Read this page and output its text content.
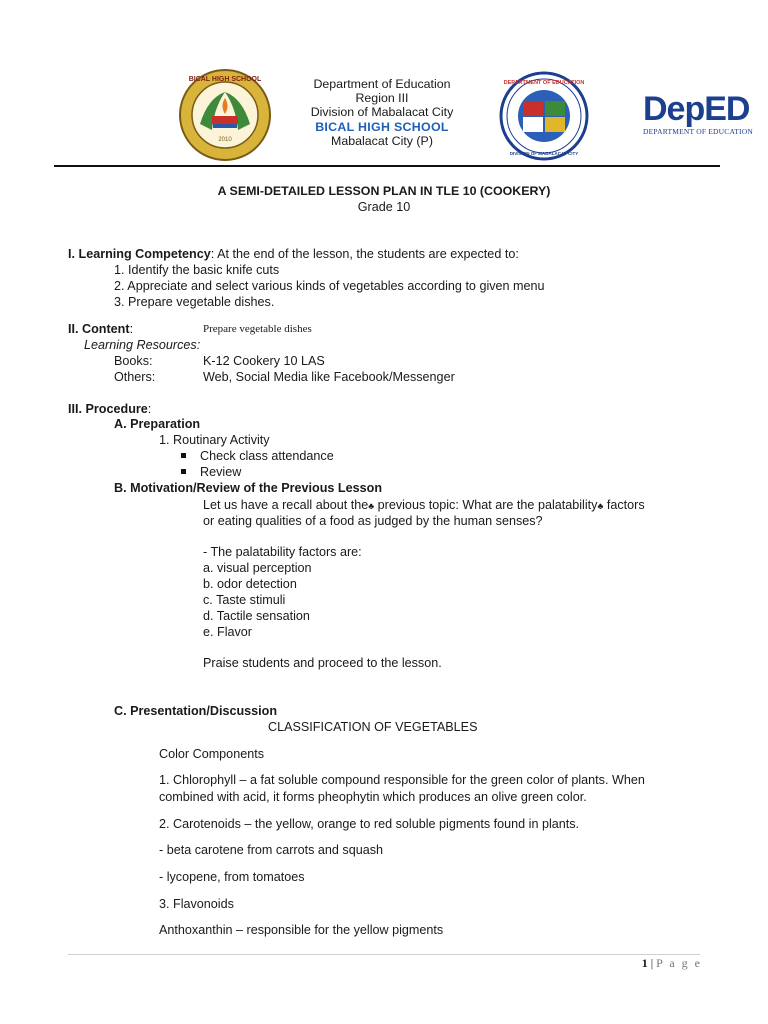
2010
BICAL HIGH SCHOOL	Department of Education
Region III
Division of Mabalacat City
BICAL HIGH SCHOOL
Mabalacat City (P)
DEPARTMENT OF EDUCATION
DIVISION OF MABALACAT CITY
DepED
DEPARTMENT OF EDUCATION
A SEMI-DETAILED LESSON PLAN IN TLE 10 (COOKERY)
Grade 10
I. Learning Competency: At the end of the lesson, the students are expected to:
1. Identify the basic knife cuts
2. Appreciate and select various kinds of vegetables according to given menu
3. Prepare vegetable dishes.
II. Content:	Prepare vegetable dishes
Learning Resources:
Books:	K-12 Cookery 10 LAS
Others:	Web, Social Media like Facebook/Messenger
III. Procedure:
A. Preparation
1. Routinary Activity
Check class attendance
Review
B. Motivation/Review of the Previous Lesson
Let us have a recall about the♣ previous topic: What are the palatability♣ factors
or eating qualities of a food as judged by the human senses?
- The palatability factors are:
a. visual perception
b. odor detection
c. Taste stimuli
d. Tactile sensation
e. Flavor
Praise students and proceed to the lesson.
C. Presentation/Discussion
CLASSIFICATION OF VEGETABLES
Color Components
1. Chlorophyll – a fat soluble compound responsible for the green color of plants. When
combined with acid, it forms pheophytin which produces an olive green color.
2. Carotenoids – the yellow, orange to red soluble pigments found in plants.
- beta carotene from carrots and squash
- lycopene, from tomatoes
3. Flavonoids
Anthoxanthin – responsible for the yellow pigments
1 | P a g e
